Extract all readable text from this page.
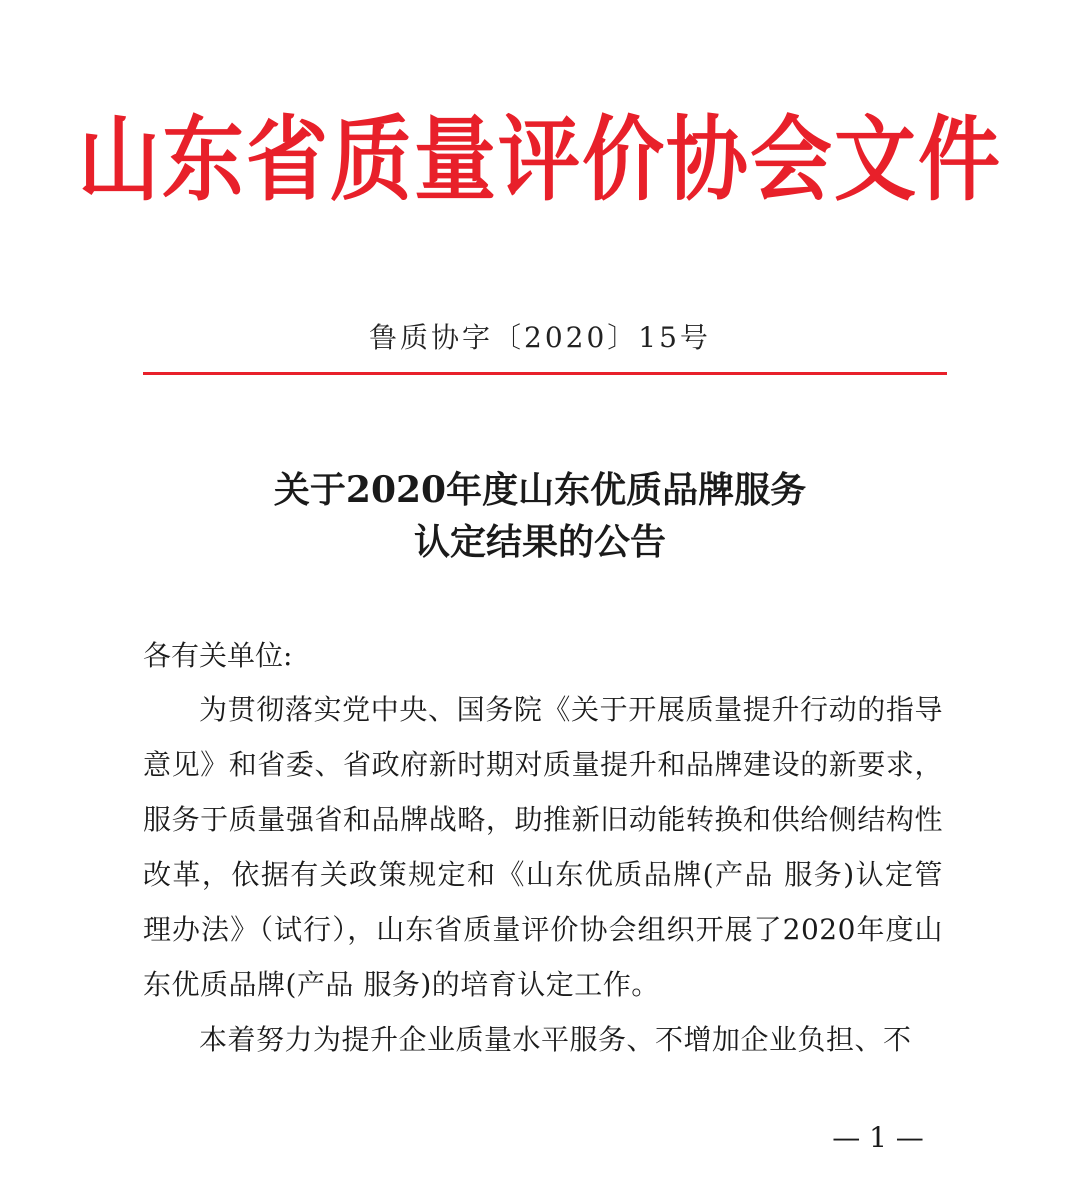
山东省质量评价协会文件
鲁质协字〔2020〕15号
关于2020年度山东优质品牌服务
认定结果的公告
各有关单位:
为贯彻落实党中央、国务院《关于开展质量提升行动的指导意见》和省委、省政府新时期对质量提升和品牌建设的新要求，服务于质量强省和品牌战略，助推新旧动能转换和供给侧结构性改革，依据有关政策规定和《山东优质品牌(产品 服务)认定管理办法》（试行），山东省质量评价协会组织开展了2020年度山东优质品牌(产品 服务)的培育认定工作。
本着努力为提升企业质量水平服务、不增加企业负担、不
— 1 —
